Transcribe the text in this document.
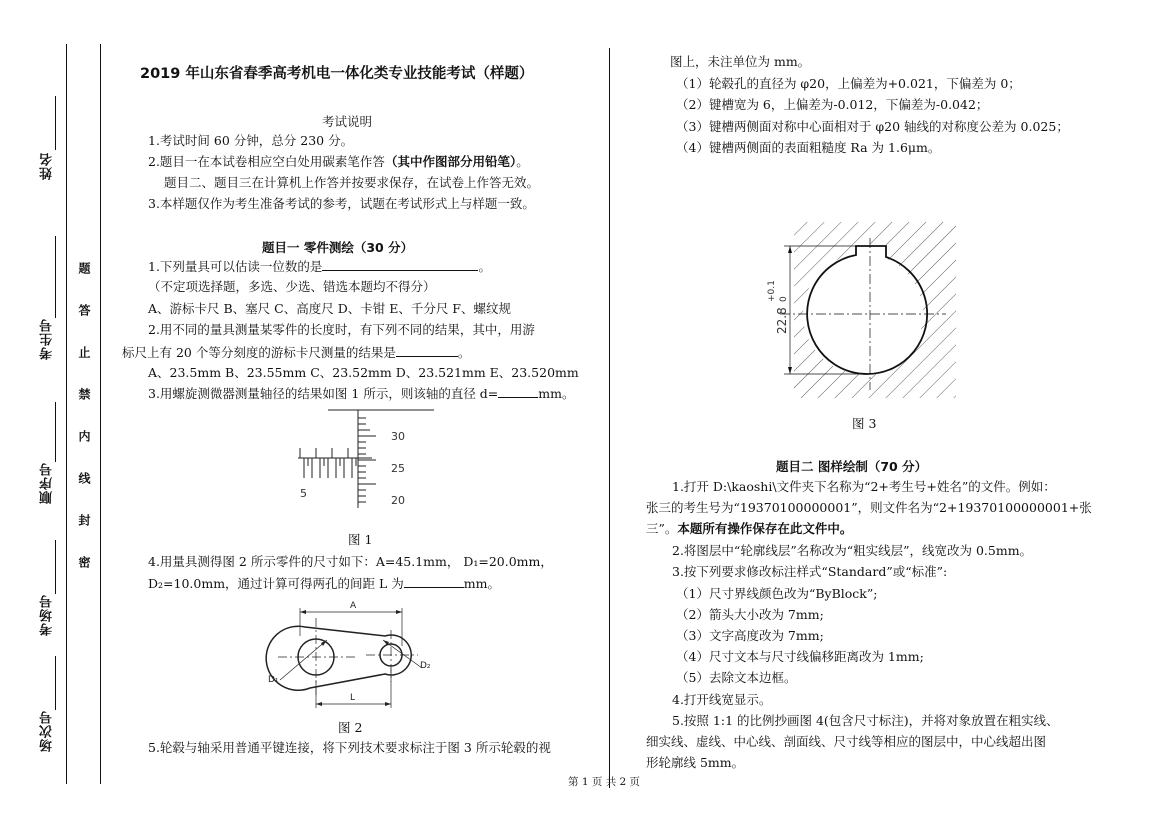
姓名
考生号
顺序号
考场号
场次号
题
答
止
禁
内
线
封
密
2019 年山东省春季高考机电一体化类专业技能考试（样题）
考试说明
1.考试时间 60 分钟，总分 230 分。
2.题目一在本试卷相应空白处用碳素笔作答（其中作图部分用铅笔）。
题目二、题目三在计算机上作答并按要求保存，在试卷上作答无效。
3.本样题仅作为考生准备考试的参考，试题在考试形式上与样题一致。
题目一 零件测绘（30 分）
1.下列量具可以估读一位数的是	。
（不定项选择题，多选、少选、错选本题均不得分）
A、游标卡尺 B、塞尺 C、高度尺 D、卡钳 E、千分尺 F、螺纹规
2.用不同的量具测量某零件的长度时，有下列不同的结果，其中，用游
标尺上有 20 个等分刻度的游标卡尺测量的结果是	。
A、23.5mm B、23.55mm C、23.52mm D、23.521mm E、23.520mm
3.用螺旋测微器测量轴径的结果如图 1 所示，则该轴的直径 d=	mm。
30
25
20
5
图 1
4.用量具测得图 2 所示零件的尺寸如下：A=45.1mm， D₁=20.0mm，
D₂=10.0mm，通过计算可得两孔的间距 L 为	mm。
A
L
D₁
D₂
图 2
5.轮毂与轴采用普通平键连接，将下列技术要求标注于图 3 所示轮毂的视
图上，未注单位为 mm。
（1）轮毂孔的直径为 φ20，上偏差为+0.021，下偏差为 0；
（2）键槽宽为 6，上偏差为-0.012，下偏差为-0.042；
（3）键槽两侧面对称中心面相对于 φ20 轴线的对称度公差为 0.025；
（4）键槽两侧面的表面粗糙度 Ra 为 1.6μm。
22.8
+0.1 0
图 3
题目二 图样绘制（70 分）
1.打开 D:\kaoshi\文件夹下名称为“2+考生号+姓名”的文件。例如：
张三的考生号为“19370100000001”，则文件名为“2+19370100000001+张
三”。本题所有操作保存在此文件中。
2.将图层中“轮廓线层”名称改为“粗实线层”，线宽改为 0.5mm。
3.按下列要求修改标注样式“Standard”或“标准”:
（1）尺寸界线颜色改为“ByBlock”;
（2）箭头大小改为 7mm;
（3）文字高度改为 7mm;
（4）尺寸文本与尺寸线偏移距离改为 1mm;
（5）去除文本边框。
4.打开线宽显示。
5.按照 1:1 的比例抄画图 4(包含尺寸标注)，并将对象放置在粗实线、
细实线、虚线、中心线、剖面线、尺寸线等相应的图层中，中心线超出图
形轮廓线 5mm。
第 1 页 共 2 页
